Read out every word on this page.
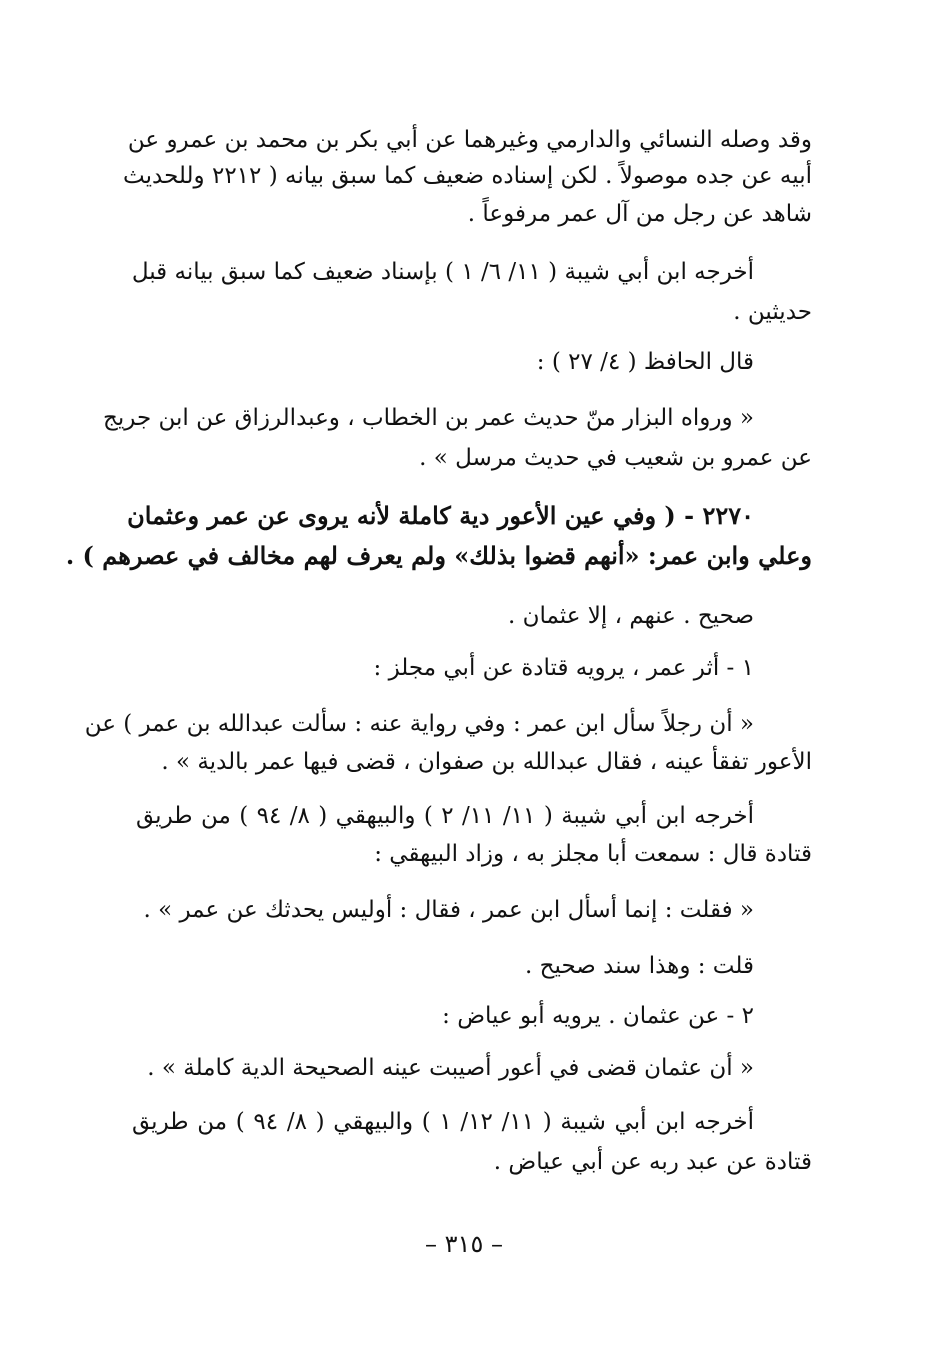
وقد وصله النسائي والدارمي وغيرهما عن أبي بكر بن محمد بن عمرو عن
أبيه عن جده موصولاً . لكن إسناده ضعيف كما سبق بيانه ( ٢٢١٢ وللحديث
شاهد عن رجل من آل عمر مرفوعاً .
أخرجه ابن أبي شيبة ( ١١/ ٦/ ١ ) بإسناد ضعيف كما سبق بيانه قبل
حديثين .
قال الحافظ ( ٤/ ٢٧ ) :
« ورواه البزار منّ حديث عمر بن الخطاب ، وعبدالرزاق عن ابن جريج
عن عمرو بن شعيب في حديث مرسل » .
٢٢٧٠ - ( وفي عين الأعور دية كاملة لأنه يروى عن عمر وعثمان
وعلي وابن عمر: «أنهم قضوا بذلك» ولم يعرف لهم مخالف في عصرهم ) .
صحيح . عنهم ، إلا عثمان .
١ - أثر عمر ، يرويه قتادة عن أبي مجلز :
« أن رجلاً سأل ابن عمر : وفي رواية عنه : سألت عبدالله بن عمر ) عن
الأعور تفقأ عينه ، فقال عبدالله بن صفوان ، قضى فيها عمر بالدية » .
أخرجه ابن أبي شيبة ( ١١/ ١١/ ٢ ) والبيهقي ( ٨/ ٩٤ ) من طريق
قتادة قال : سمعت أبا مجلز به ، وزاد البيهقي :
« فقلت : إنما أسأل ابن عمر ، فقال : أوليس يحدثك عن عمر » .
قلت : وهذا سند صحيح .
٢ - عن عثمان . يرويه أبو عياض :
« أن عثمان قضى في أعور أصيبت عينه الصحيحة الدية كاملة » .
أخرجه ابن أبي شيبة ( ١١/ ١٢/ ١ ) والبيهقي ( ٨/ ٩٤ ) من طريق
قتادة عن عبد ربه عن أبي عياض .
– ٣١٥ –
